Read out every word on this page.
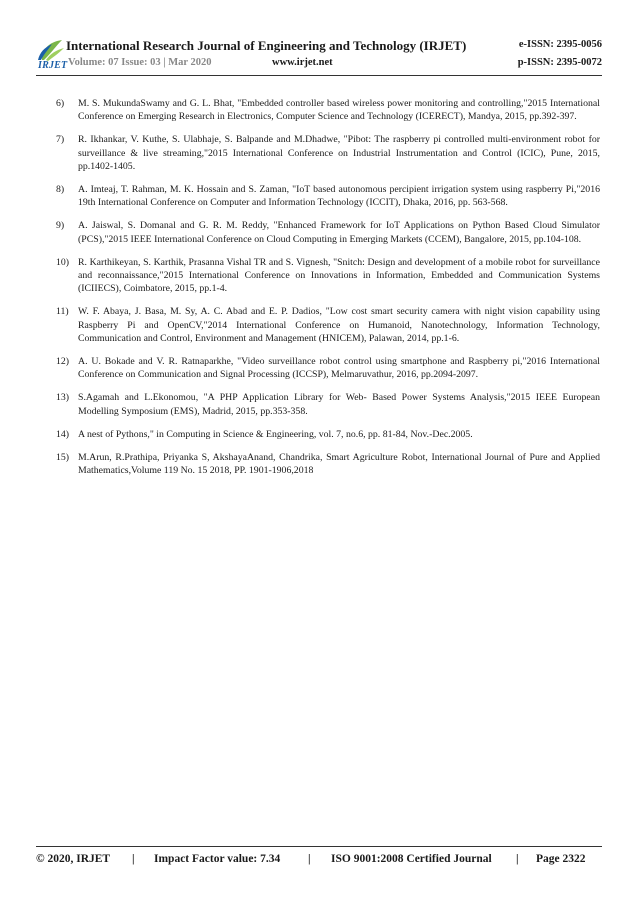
IRJET
International Research Journal of Engineering and Technology (IRJET)	e-ISSN: 2395-0056
Volume: 07 Issue: 03 | Mar 2020	www.irjet.net	p-ISSN: 2395-0072
6) M. S. MukundaSwamy and G. L. Bhat, "Embedded controller based wireless power monitoring and controlling,"2015 International Conference on Emerging Research in Electronics, Computer Science and Technology (ICERECT), Mandya, 2015, pp.392-397.
7) R. Ikhankar, V. Kuthe, S. Ulabhaje, S. Balpande and M.Dhadwe, "Pibot: The raspberry pi controlled multi-environment robot for surveillance & live streaming,"2015 International Conference on Industrial Instrumentation and Control (ICIC), Pune, 2015, pp.1402-1405.
8) A. Imteaj, T. Rahman, M. K. Hossain and S. Zaman, "IoT based autonomous percipient irrigation system using raspberry Pi,"2016 19th International Conference on Computer and Information Technology (ICCIT), Dhaka, 2016, pp. 563-568.
9) A. Jaiswal, S. Domanal and G. R. M. Reddy, "Enhanced Framework for IoT Applications on Python Based Cloud Simulator (PCS),"2015 IEEE International Conference on Cloud Computing in Emerging Markets (CCEM), Bangalore, 2015, pp.104-108.
10) R. Karthikeyan, S. Karthik, Prasanna Vishal TR and S. Vignesh, "Snitch: Design and development of a mobile robot for surveillance and reconnaissance,"2015 International Conference on Innovations in Information, Embedded and Communication Systems (ICIIECS), Coimbatore, 2015, pp.1-4.
11) W. F. Abaya, J. Basa, M. Sy, A. C. Abad and E. P. Dadios, "Low cost smart security camera with night vision capability using Raspberry Pi and OpenCV,"2014 International Conference on Humanoid, Nanotechnology, Information Technology, Communication and Control, Environment and Management (HNICEM), Palawan, 2014, pp.1-6.
12) A. U. Bokade and V. R. Ratnaparkhe, "Video surveillance robot control using smartphone and Raspberry pi,"2016 International Conference on Communication and Signal Processing (ICCSP), Melmaruvathur, 2016, pp.2094-2097.
13) S.Agamah and L.Ekonomou, "A PHP Application Library for Web- Based Power Systems Analysis,"2015 IEEE European Modelling Symposium (EMS), Madrid, 2015, pp.353-358.
14) A nest of Pythons," in Computing in Science & Engineering, vol. 7, no.6, pp. 81-84, Nov.-Dec.2005.
15) M.Arun, R.Prathipa, Priyanka S, AkshayaAnand, Chandrika, Smart Agriculture Robot, International Journal of Pure and Applied Mathematics,Volume 119 No. 15 2018, PP. 1901-1906,2018
© 2020, IRJET | Impact Factor value: 7.34 | ISO 9001:2008 Certified Journal | Page 2322
